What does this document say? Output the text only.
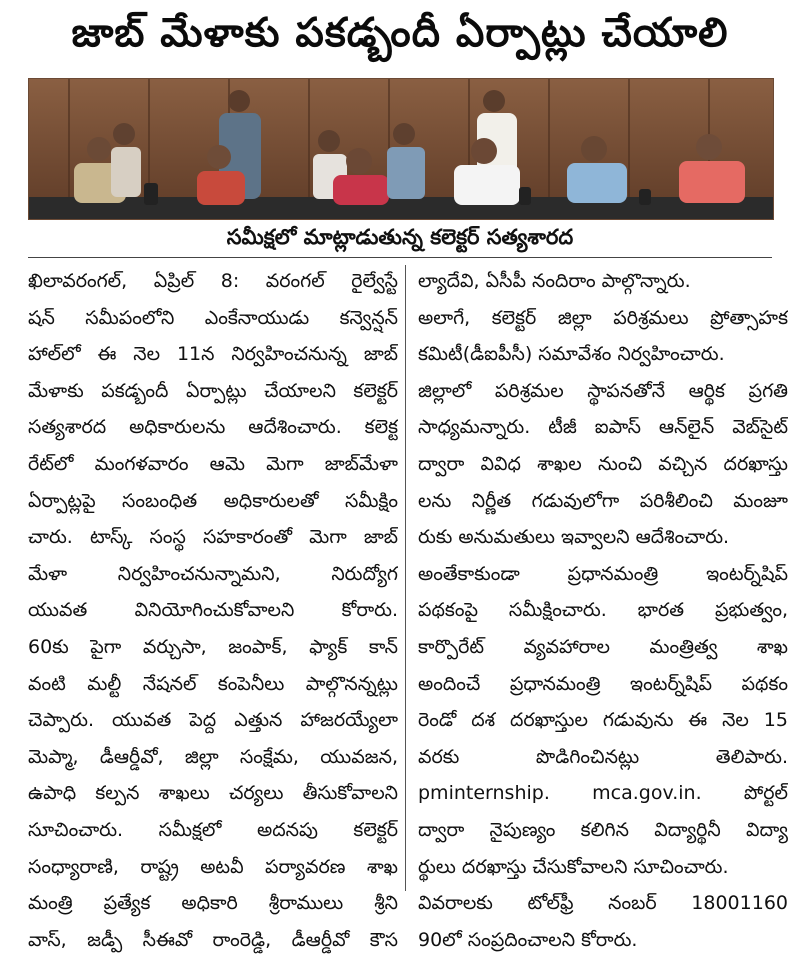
జాబ్ మేళాకు పకడ్బందీ ఏర్పాట్లు చేయాలి
సమీక్షలో మాట్లాడుతున్న కలెక్టర్ సత్యశారద
ఖిలావరంగల్, ఏప్రిల్ 8: వరంగల్ రైల్వేస్టే
షన్ సమీపంలోని ఎంకేనాయుడు కన్వెన్షన్
హాల్‌లో ఈ నెల 11న నిర్వహించనున్న జాబ్
మేళాకు పకడ్బందీ ఏర్పాట్లు చేయాలని కలెక్టర్
సత్యశారద అధికారులను ఆదేశించారు. కలెక్ట
రేట్‌లో మంగళవారం ఆమె మెగా జాబ్‌మేళా
ఏర్పాట్లపై సంబంధిత అధికారులతో సమీక్షిం
చారు. టాస్క్ సంస్థ సహకారంతో మెగా జాబ్
మేళా నిర్వహించనున్నామని, నిరుద్యోగ
యువత వినియోగించుకోవాలని కోరారు.
60కు పైగా వర్చుసా, జంపాక్, ఫ్యాక్ కాన్
వంటి మల్టీ నేషనల్ కంపెనీలు పాల్గొనన్నట్లు
చెప్పారు. యువత పెద్ద ఎత్తున హాజరయ్యేలా
మెప్మా, డీఆర్డీవో, జిల్లా సంక్షేమ, యువజన,
ఉపాధి కల్పన శాఖలు చర్యలు తీసుకోవాలని
సూచించారు. సమీక్షలో అదనపు కలెక్టర్
సంధ్యారాణి, రాష్ట్ర అటవీ పర్యావరణ శాఖ
మంత్రి ప్రత్యేక అధికారి శ్రీరాములు శ్రీని
వాస్, జడ్పీ సీఈవో రాంరెడ్డి, డీఆర్డీవో కౌస
ల్యాదేవి, ఏసీపీ నందిరాం పాల్గొన్నారు.
అలాగే, కలెక్టర్ జిల్లా పరిశ్రమలు ప్రోత్సాహక
కమిటీ(డీఐపీసీ) సమావేశం నిర్వహించారు.
జిల్లాలో పరిశ్రమల స్థాపనతోనే ఆర్థిక ప్రగతి
సాధ్యమన్నారు. టీజీ ఐపాస్ ఆన్‌లైన్ వెబ్‌సైట్
ద్వారా వివిధ శాఖల నుంచి వచ్చిన దరఖాస్తు
లను నిర్ణీత గడువులోగా పరిశీలించి మంజూ
రుకు అనుమతులు ఇవ్వాలని ఆదేశించారు.
అంతేకాకుండా ప్రధానమంత్రి ఇంటర్న్‌షిప్
పథకంపై సమీక్షించారు. భారత ప్రభుత్వం,
కార్పొరేట్ వ్యవహారాల మంత్రిత్వ శాఖ
అందించే ప్రధానమంత్రి ఇంటర్న్‌షిప్ పథకం
రెండో దశ దరఖాస్తుల గడువును ఈ నెల 15
వరకు పొడిగించినట్లు తెలిపారు.
pminternship. mca.gov.in. పోర్టల్
ద్వారా నైపుణ్యం కలిగిన విద్యార్థినీ విద్యా
ర్థులు దరఖాస్తు చేసుకోవాలని సూచించారు.
వివరాలకు టోల్‌ఫ్రీ నంబర్ 18001160
90లో సంప్రదించాలని కోరారు.
